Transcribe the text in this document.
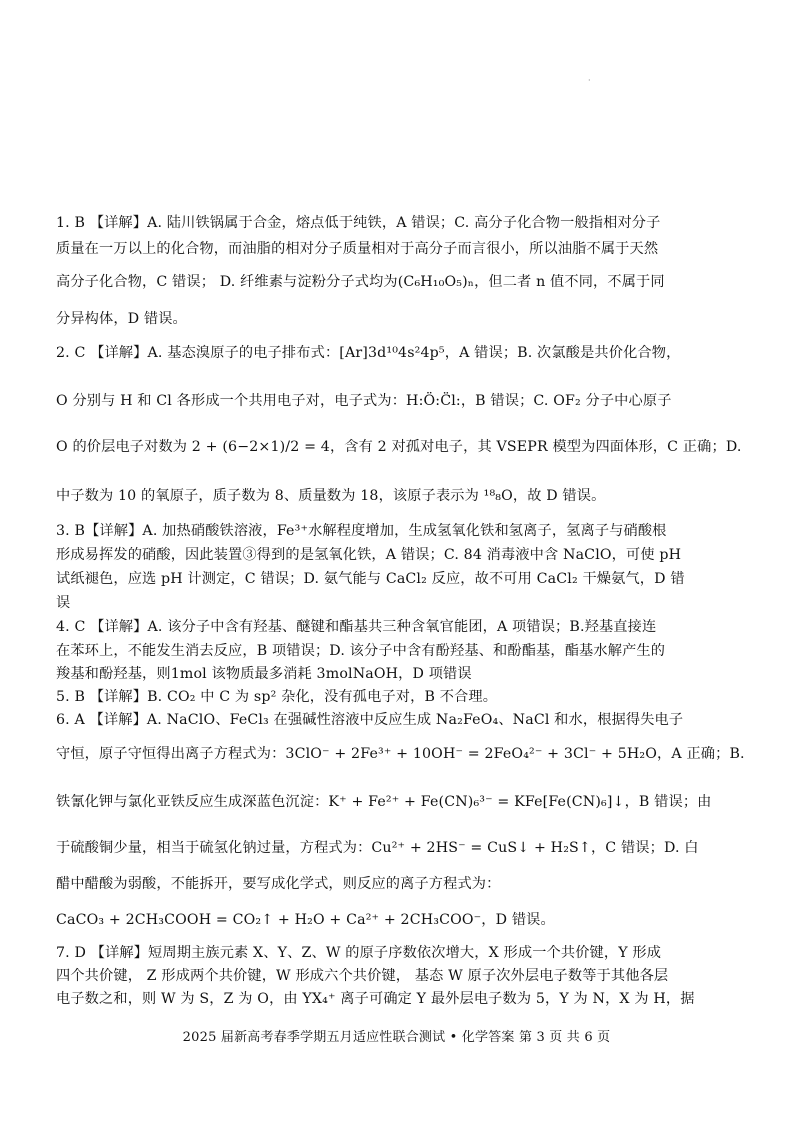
·
1. B 【详解】A. 陆川铁锅属于合金，熔点低于纯铁，A 错误；C. 高分子化合物一般指相对分子
质量在一万以上的化合物，而油脂的相对分子质量相对于高分子而言很小，所以油脂不属于天然
高分子化合物，C 错误； D. 纤维素与淀粉分子式均为(C₆H₁₀O₅)ₙ，但二者 n 值不同，不属于同
分异构体，D 错误。
2. C 【详解】A. 基态溴原子的电子排布式：[Ar]3d¹⁰4s²4p⁵，A 错误；B. 次氯酸是共价化合物，
O 分别与 H 和 Cl 各形成一个共用电子对，电子式为：H:Ö:C̈l:，B 错误；C. OF₂ 分子中心原子
O 的价层电子对数为 2 + (6−2×1)/2 = 4，含有 2 对孤对电子，其 VSEPR 模型为四面体形，C 正确；D.
中子数为 10 的氧原子，质子数为 8、质量数为 18，该原子表示为 ¹⁸₈O，故 D 错误。
3. B【详解】A. 加热硝酸铁溶液，Fe³⁺水解程度增加，生成氢氧化铁和氢离子，氢离子与硝酸根
形成易挥发的硝酸，因此装置③得到的是氢氧化铁，A 错误；C. 84 消毒液中含 NaClO，可使 pH
试纸褪色，应选 pH 计测定，C 错误；D. 氨气能与 CaCl₂ 反应，故不可用 CaCl₂ 干燥氨气，D 错
误
4. C 【详解】A. 该分子中含有羟基、醚键和酯基共三种含氧官能团，A 项错误；B.羟基直接连
在苯环上，不能发生消去反应，B 项错误；D. 该分子中含有酚羟基、和酚酯基，酯基水解产生的
羧基和酚羟基，则1mol 该物质最多消耗 3molNaOH，D 项错误
5. B 【详解】B. CO₂ 中 C 为 sp² 杂化，没有孤电子对，B 不合理。
6. A 【详解】A. NaClO、FeCl₃ 在强碱性溶液中反应生成 Na₂FeO₄、NaCl 和水，根据得失电子
守恒，原子守恒得出离子方程式为：3ClO⁻ + 2Fe³⁺ + 10OH⁻ = 2FeO₄²⁻ + 3Cl⁻ + 5H₂O，A 正确；B.
铁氰化钾与氯化亚铁反应生成深蓝色沉淀：K⁺ + Fe²⁺ + Fe(CN)₆³⁻ = KFe[Fe(CN)₆]↓，B 错误；由
于硫酸铜少量，相当于硫氢化钠过量，方程式为：Cu²⁺ + 2HS⁻ = CuS↓ + H₂S↑，C 错误；D. 白
醋中醋酸为弱酸，不能拆开，要写成化学式，则反应的离子方程式为：
CaCO₃ + 2CH₃COOH = CO₂↑ + H₂O + Ca²⁺ + 2CH₃COO⁻，D 错误。
7. D 【详解】短周期主族元素 X、Y、Z、W 的原子序数依次增大，X 形成一个共价键，Y 形成
四个共价键， Z 形成两个共价键，W 形成六个共价键， 基态 W 原子次外层电子数等于其他各层
电子数之和，则 W 为 S，Z 为 O，由 YX₄⁺ 离子可确定 Y 最外层电子数为 5，Y 为 N，X 为 H，据
2025 届新高考春季学期五月适应性联合测试 • 化学答案 第 3 页 共 6 页
